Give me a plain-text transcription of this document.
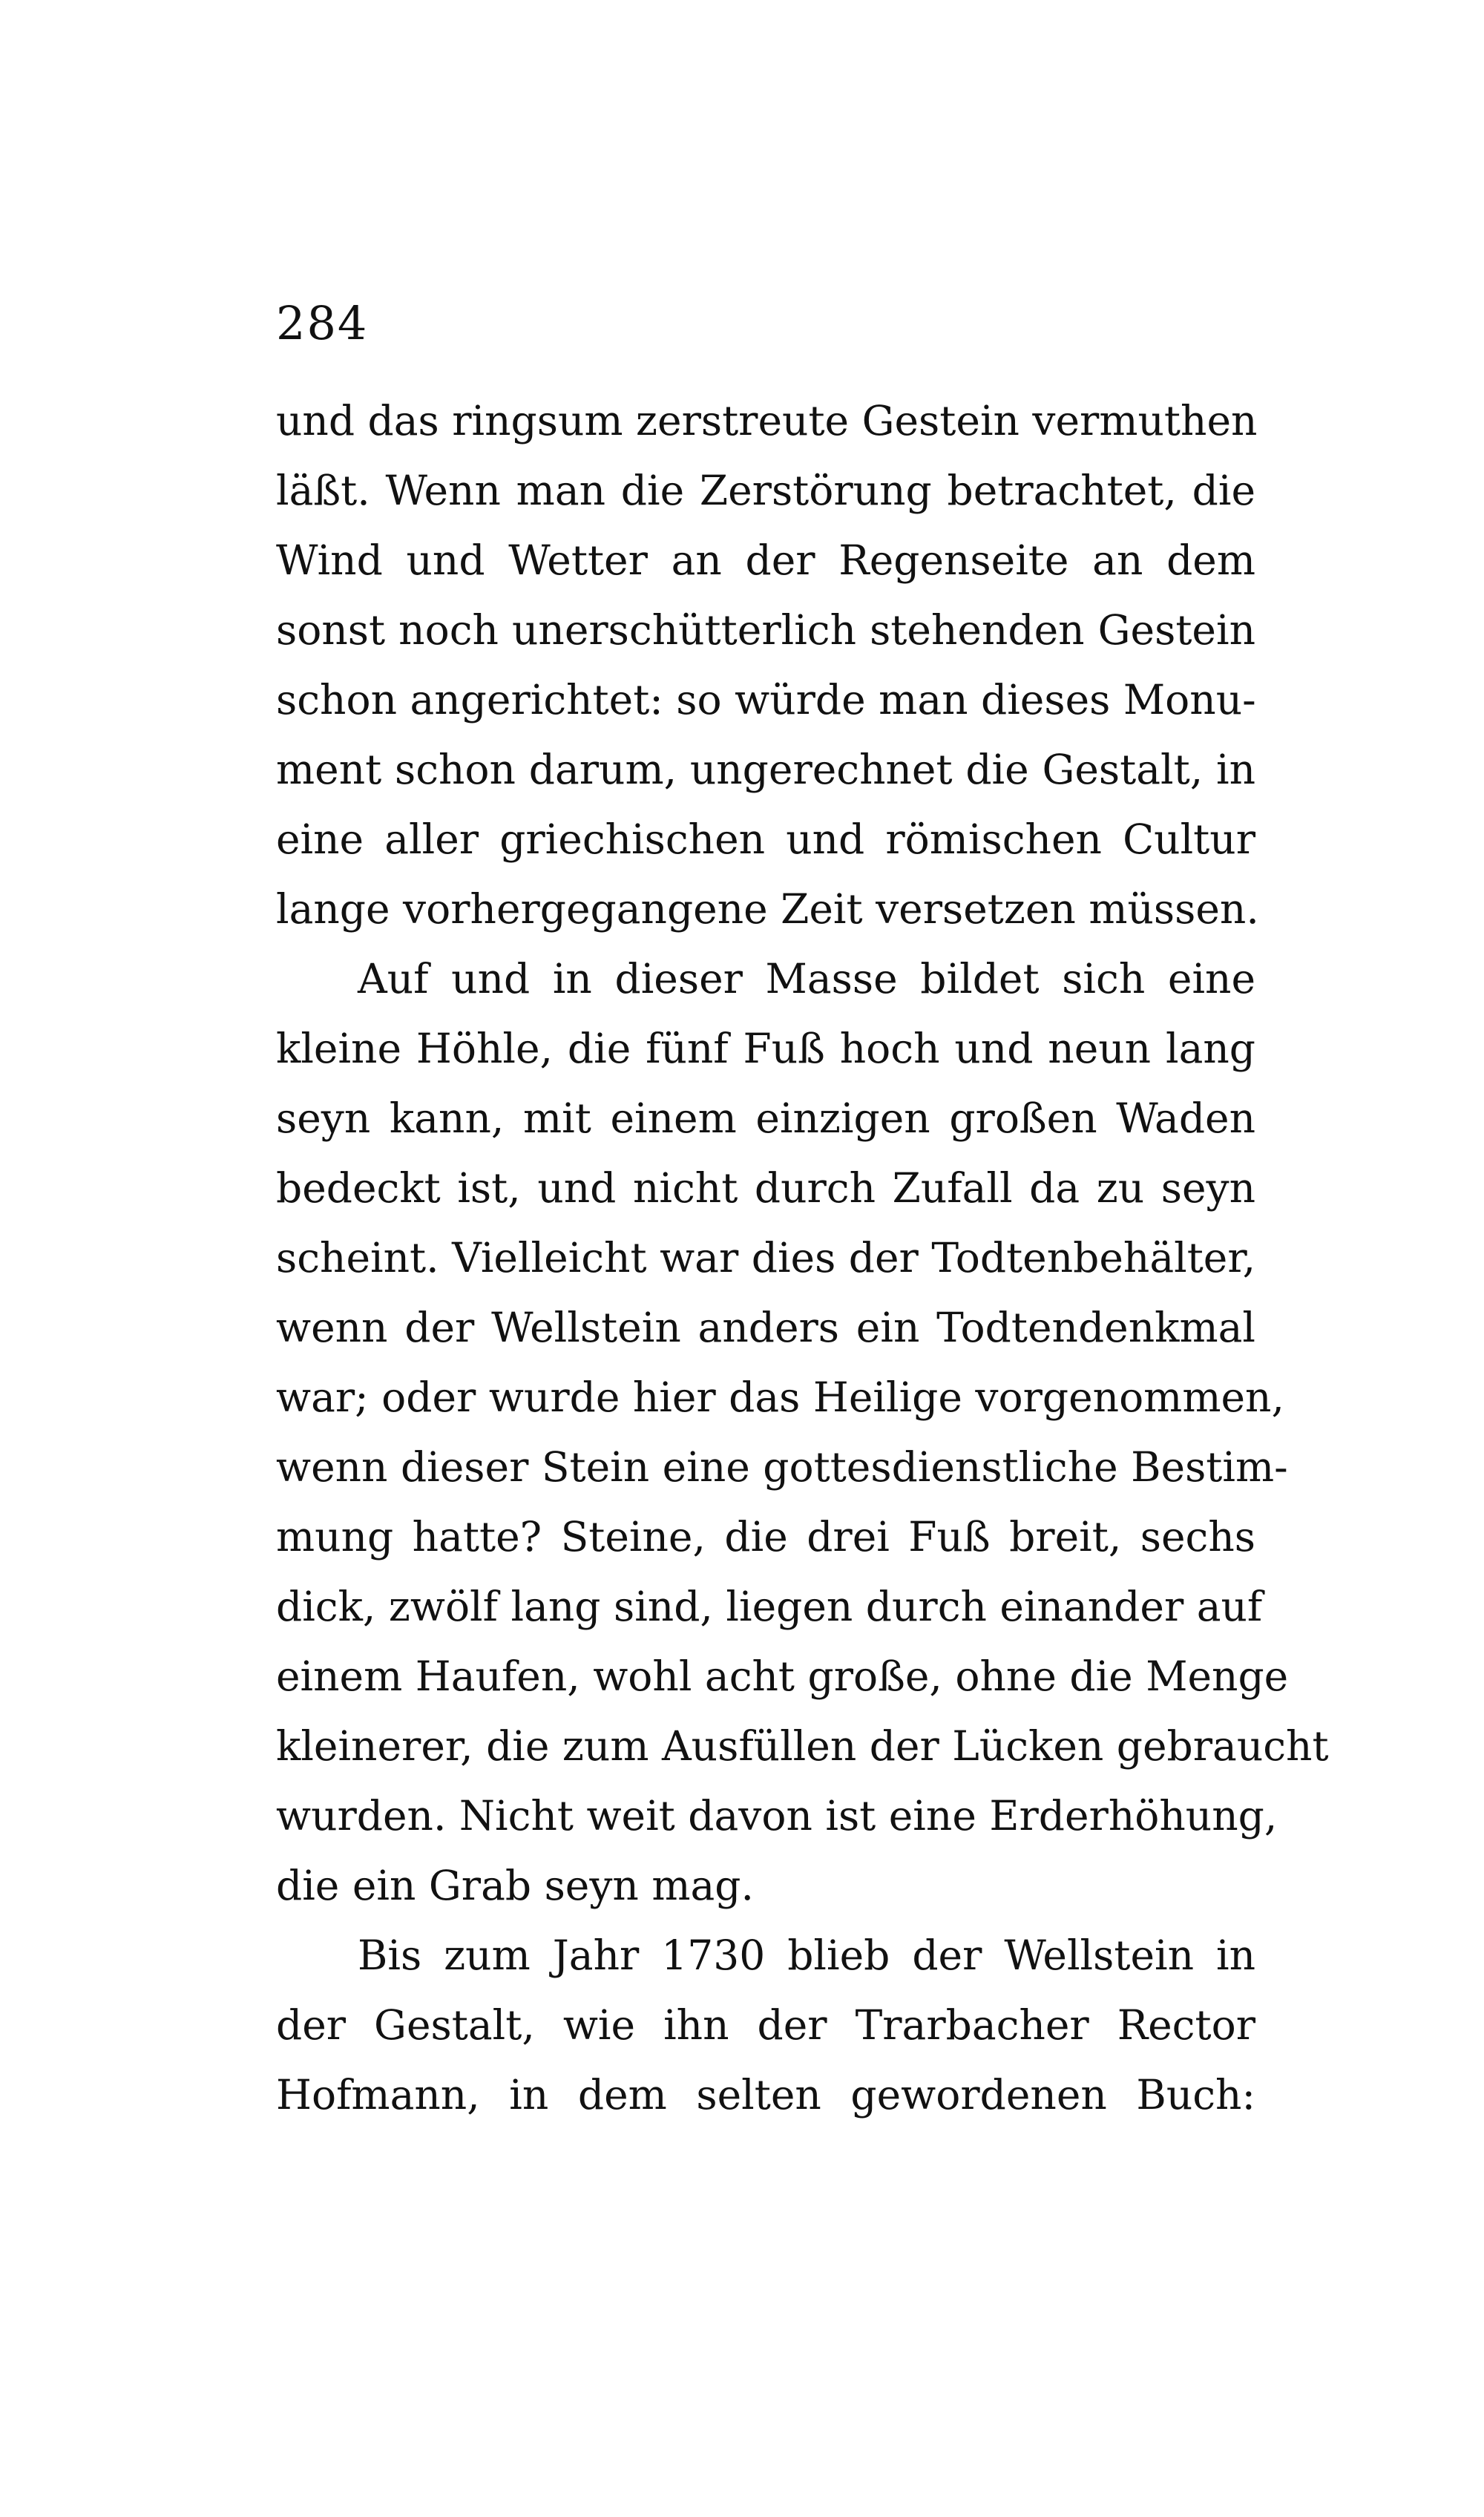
284
und das ringsum zerstreute Gestein vermuthen
läßt. Wenn man die Zerstörung betrachtet, die
Wind und Wetter an der Regenseite an dem
sonst noch unerschütterlich stehenden Gestein
schon angerichtet: so würde man dieses Monu-
ment schon darum, ungerechnet die Gestalt, in
eine aller griechischen und römischen Cultur
lange vorhergegangene Zeit versetzen müssen.
Auf und in dieser Masse bildet sich eine
kleine Höhle, die fünf Fuß hoch und neun lang
seyn kann, mit einem einzigen großen Waden
bedeckt ist, und nicht durch Zufall da zu seyn
scheint. Vielleicht war dies der Todtenbehälter,
wenn der Wellstein anders ein Todtendenkmal
war; oder wurde hier das Heilige vorgenommen,
wenn dieser Stein eine gottesdienstliche Bestim-
mung hatte? Steine, die drei Fuß breit, sechs
dick, zwölf lang sind, liegen durch einander auf
einem Haufen, wohl acht große, ohne die Menge
kleinerer, die zum Ausfüllen der Lücken gebraucht
wurden. Nicht weit davon ist eine Erderhöhung,
die ein Grab seyn mag.
Bis zum Jahr 1730 blieb der Wellstein in
der Gestalt, wie ihn der Trarbacher Rector
Hofmann, in dem selten gewordenen Buch:
